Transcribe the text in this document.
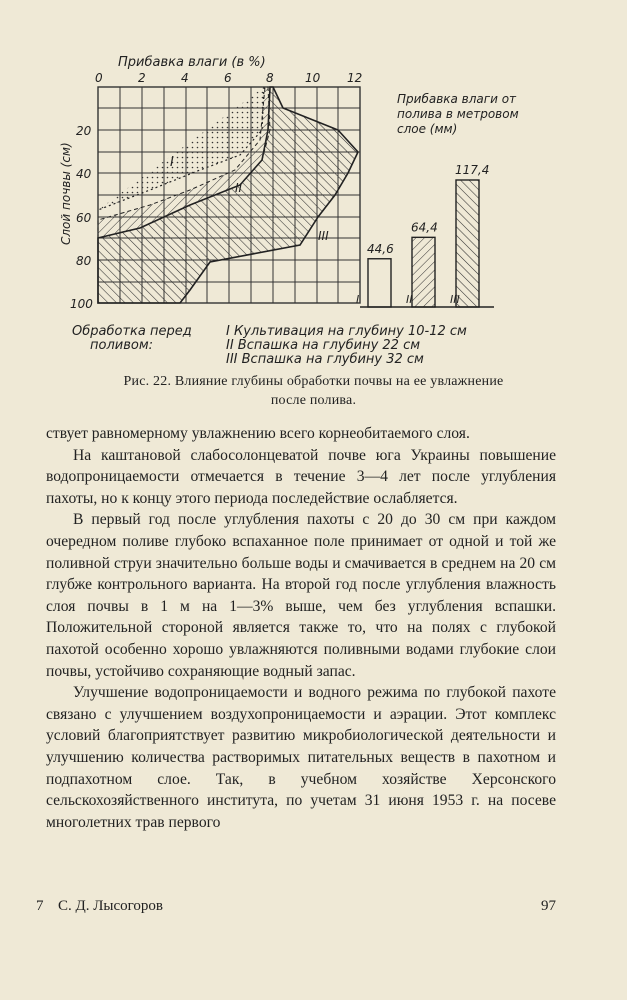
Прибавка влаги (в %)
0	2	4	6	8	10 12
I
II
III
Слой почвы (см)
20
40
60
80
100
Прибавка влаги от
полива в метровом
слое (мм)
44,6
I
64,4
II
117,4
III
Обработка перед
поливом:
I Культивация на глубину 10-12 см
II Вспашка на глубину 22 см
III Вспашка на глубину 32 см
Рис. 22. Влияние глубины обработки почвы на ее увлажнение
после полива.

ствует равномерному увлажнению всего корнеобитаемого слоя.

На каштановой слабосолонцеватой почве юга Украины повышение водопроницаемости отмечается в течение 3—4 лет после углубления пахоты, но к концу этого периода последействие ослабляется.

В первый год после углубления пахоты с 20 до 30 см при каждом очередном поливе глубоко вспаханное поле принимает от одной и той же поливной струи значительно больше воды и смачивается в среднем на 20 см глубже контрольного варианта. На второй год после углубления влажность слоя почвы в 1 м на 1—3% выше, чем без углубления вспашки. Положительной стороной является также то, что на полях с глубокой пахотой особенно хорошо увлажняются поливными водами глубокие слои почвы, устойчиво сохраняющие водный запас.

Улучшение водопроницаемости и водного режима по глубокой пахоте связано с улучшением воздухопроницаемости и аэрации. Этот комплекс условий благоприятствует развитию микробиологической деятельности и улучшению количества растворимых питательных веществ в пахотном и подпахотном слое. Так, в учебном хозяйстве Херсонского сельскохозяйственного института, по учетам 31 июня 1953 г. на посеве многолетних трав первого

7 С. Д. Лысогоров	97
